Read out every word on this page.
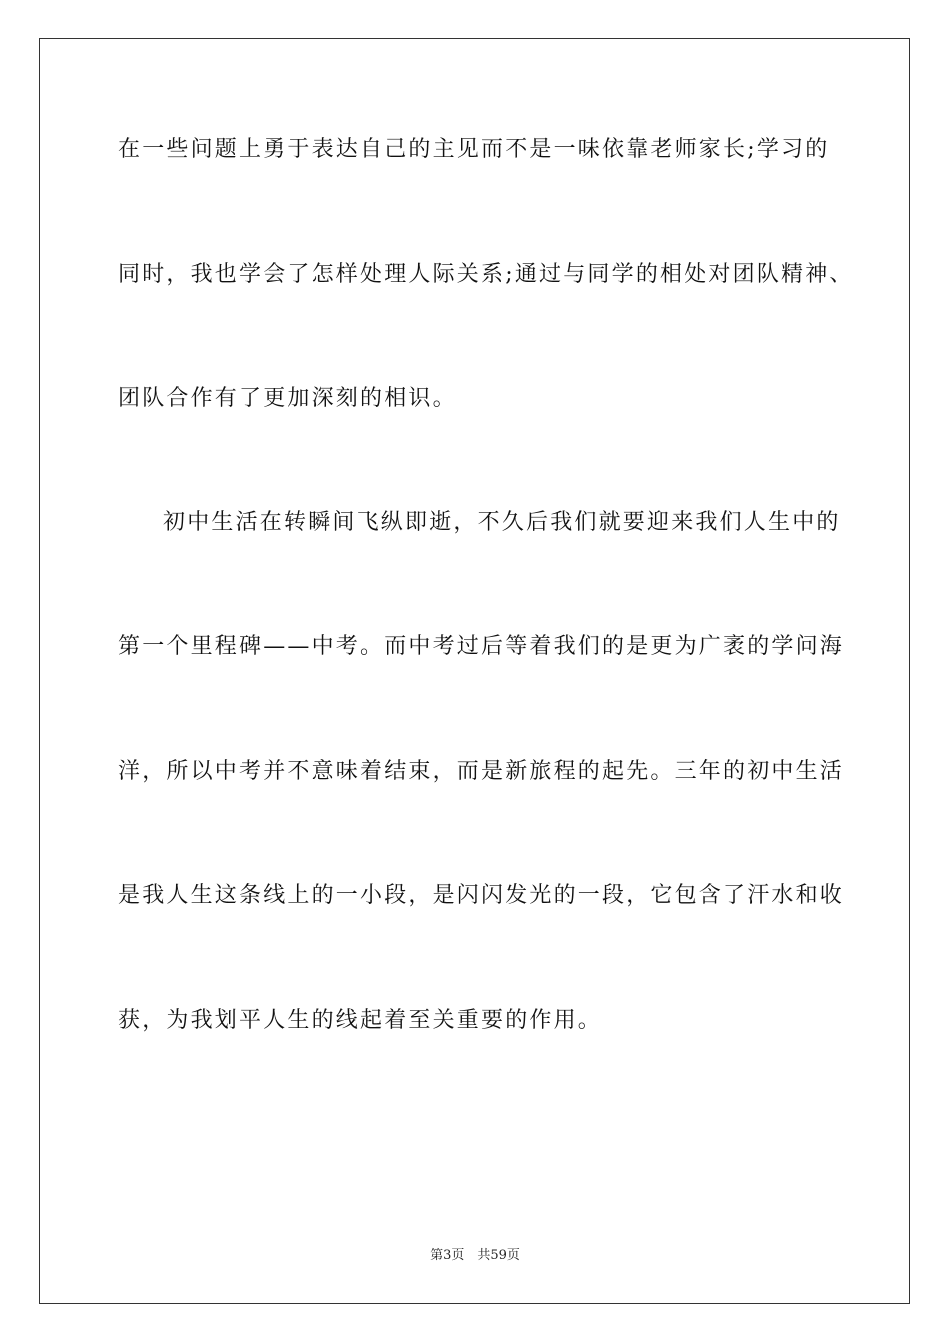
在一些问题上勇于表达自己的主见而不是一味依靠老师家长;学习的
同时，我也学会了怎样处理人际关系;通过与同学的相处对团队精神、
团队合作有了更加深刻的相识。
初中生活在转瞬间飞纵即逝，不久后我们就要迎来我们人生中的
第一个里程碑——中考。而中考过后等着我们的是更为广袤的学问海
洋，所以中考并不意味着结束，而是新旅程的起先。三年的初中生活
是我人生这条线上的一小段，是闪闪发光的一段，它包含了汗水和收
获，为我划平人生的线起着至关重要的作用。
第3页　共59页
